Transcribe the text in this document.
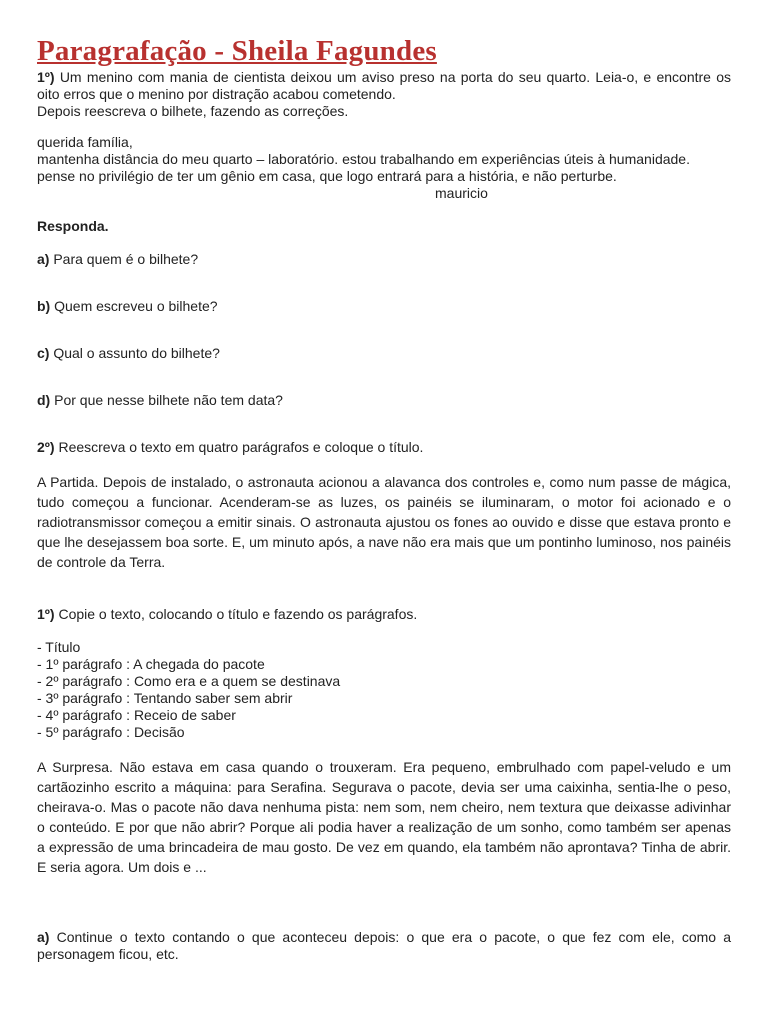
Paragrafação - Sheila Fagundes

1º) Um menino com mania de cientista deixou um aviso preso na porta do seu quarto. Leia-o, e encontre os oito erros que o menino por distração acabou cometendo.

Depois reescreva o bilhete, fazendo as correções.

querida família,

mantenha distância do meu quarto – laboratório. estou trabalhando em experiências úteis à humanidade.

pense no privilégio de ter um gênio em casa, que logo entrará para a história, e não perturbe.

mauricio

Responda.

a) Para quem é o bilhete?

________________________________________________________________________________

b) Quem escreveu o bilhete?

________________________________________________________________________________

c) Qual o assunto do bilhete?

________________________________________________________________________________

d) Por que nesse bilhete não tem data?

________________________________________________________________________________

2º) Reescreva o texto em quatro parágrafos e coloque o título.

A Partida. Depois de instalado, o astronauta acionou a alavanca dos controles e, como num passe de mágica, tudo começou a funcionar. Acenderam-se as luzes, os painéis se iluminaram, o motor foi acionado e o radiotransmissor começou a emitir sinais. O astronauta ajustou os fones ao ouvido e disse que estava pronto e que lhe desejassem boa sorte. E, um minuto após, a nave não era mais que um pontinho luminoso, nos painéis de controle da Terra.

1º) Copie o texto, colocando o título e fazendo os parágrafos.

- Título

- 1º parágrafo : A chegada do pacote

- 2º parágrafo : Como era e a quem se destinava

- 3º parágrafo : Tentando saber sem abrir

- 4º parágrafo : Receio de saber

- 5º parágrafo : Decisão

A Surpresa. Não estava em casa quando o trouxeram. Era pequeno, embrulhado com papel-veludo e um cartãozinho escrito a máquina: para Serafina. Segurava o pacote, devia ser uma caixinha, sentia-lhe o peso, cheirava-o. Mas o pacote não dava nenhuma pista: nem som, nem cheiro, nem textura que deixasse adivinhar o conteúdo. E por que não abrir? Porque ali podia haver a realização de um sonho, como também ser apenas a expressão de uma brincadeira de mau gosto. De vez em quando, ela também não aprontava? Tinha de abrir. E seria agora. Um dois e ...

a) Continue o texto contando o que aconteceu depois: o que era o pacote, o que fez com ele, como a personagem ficou, etc.
